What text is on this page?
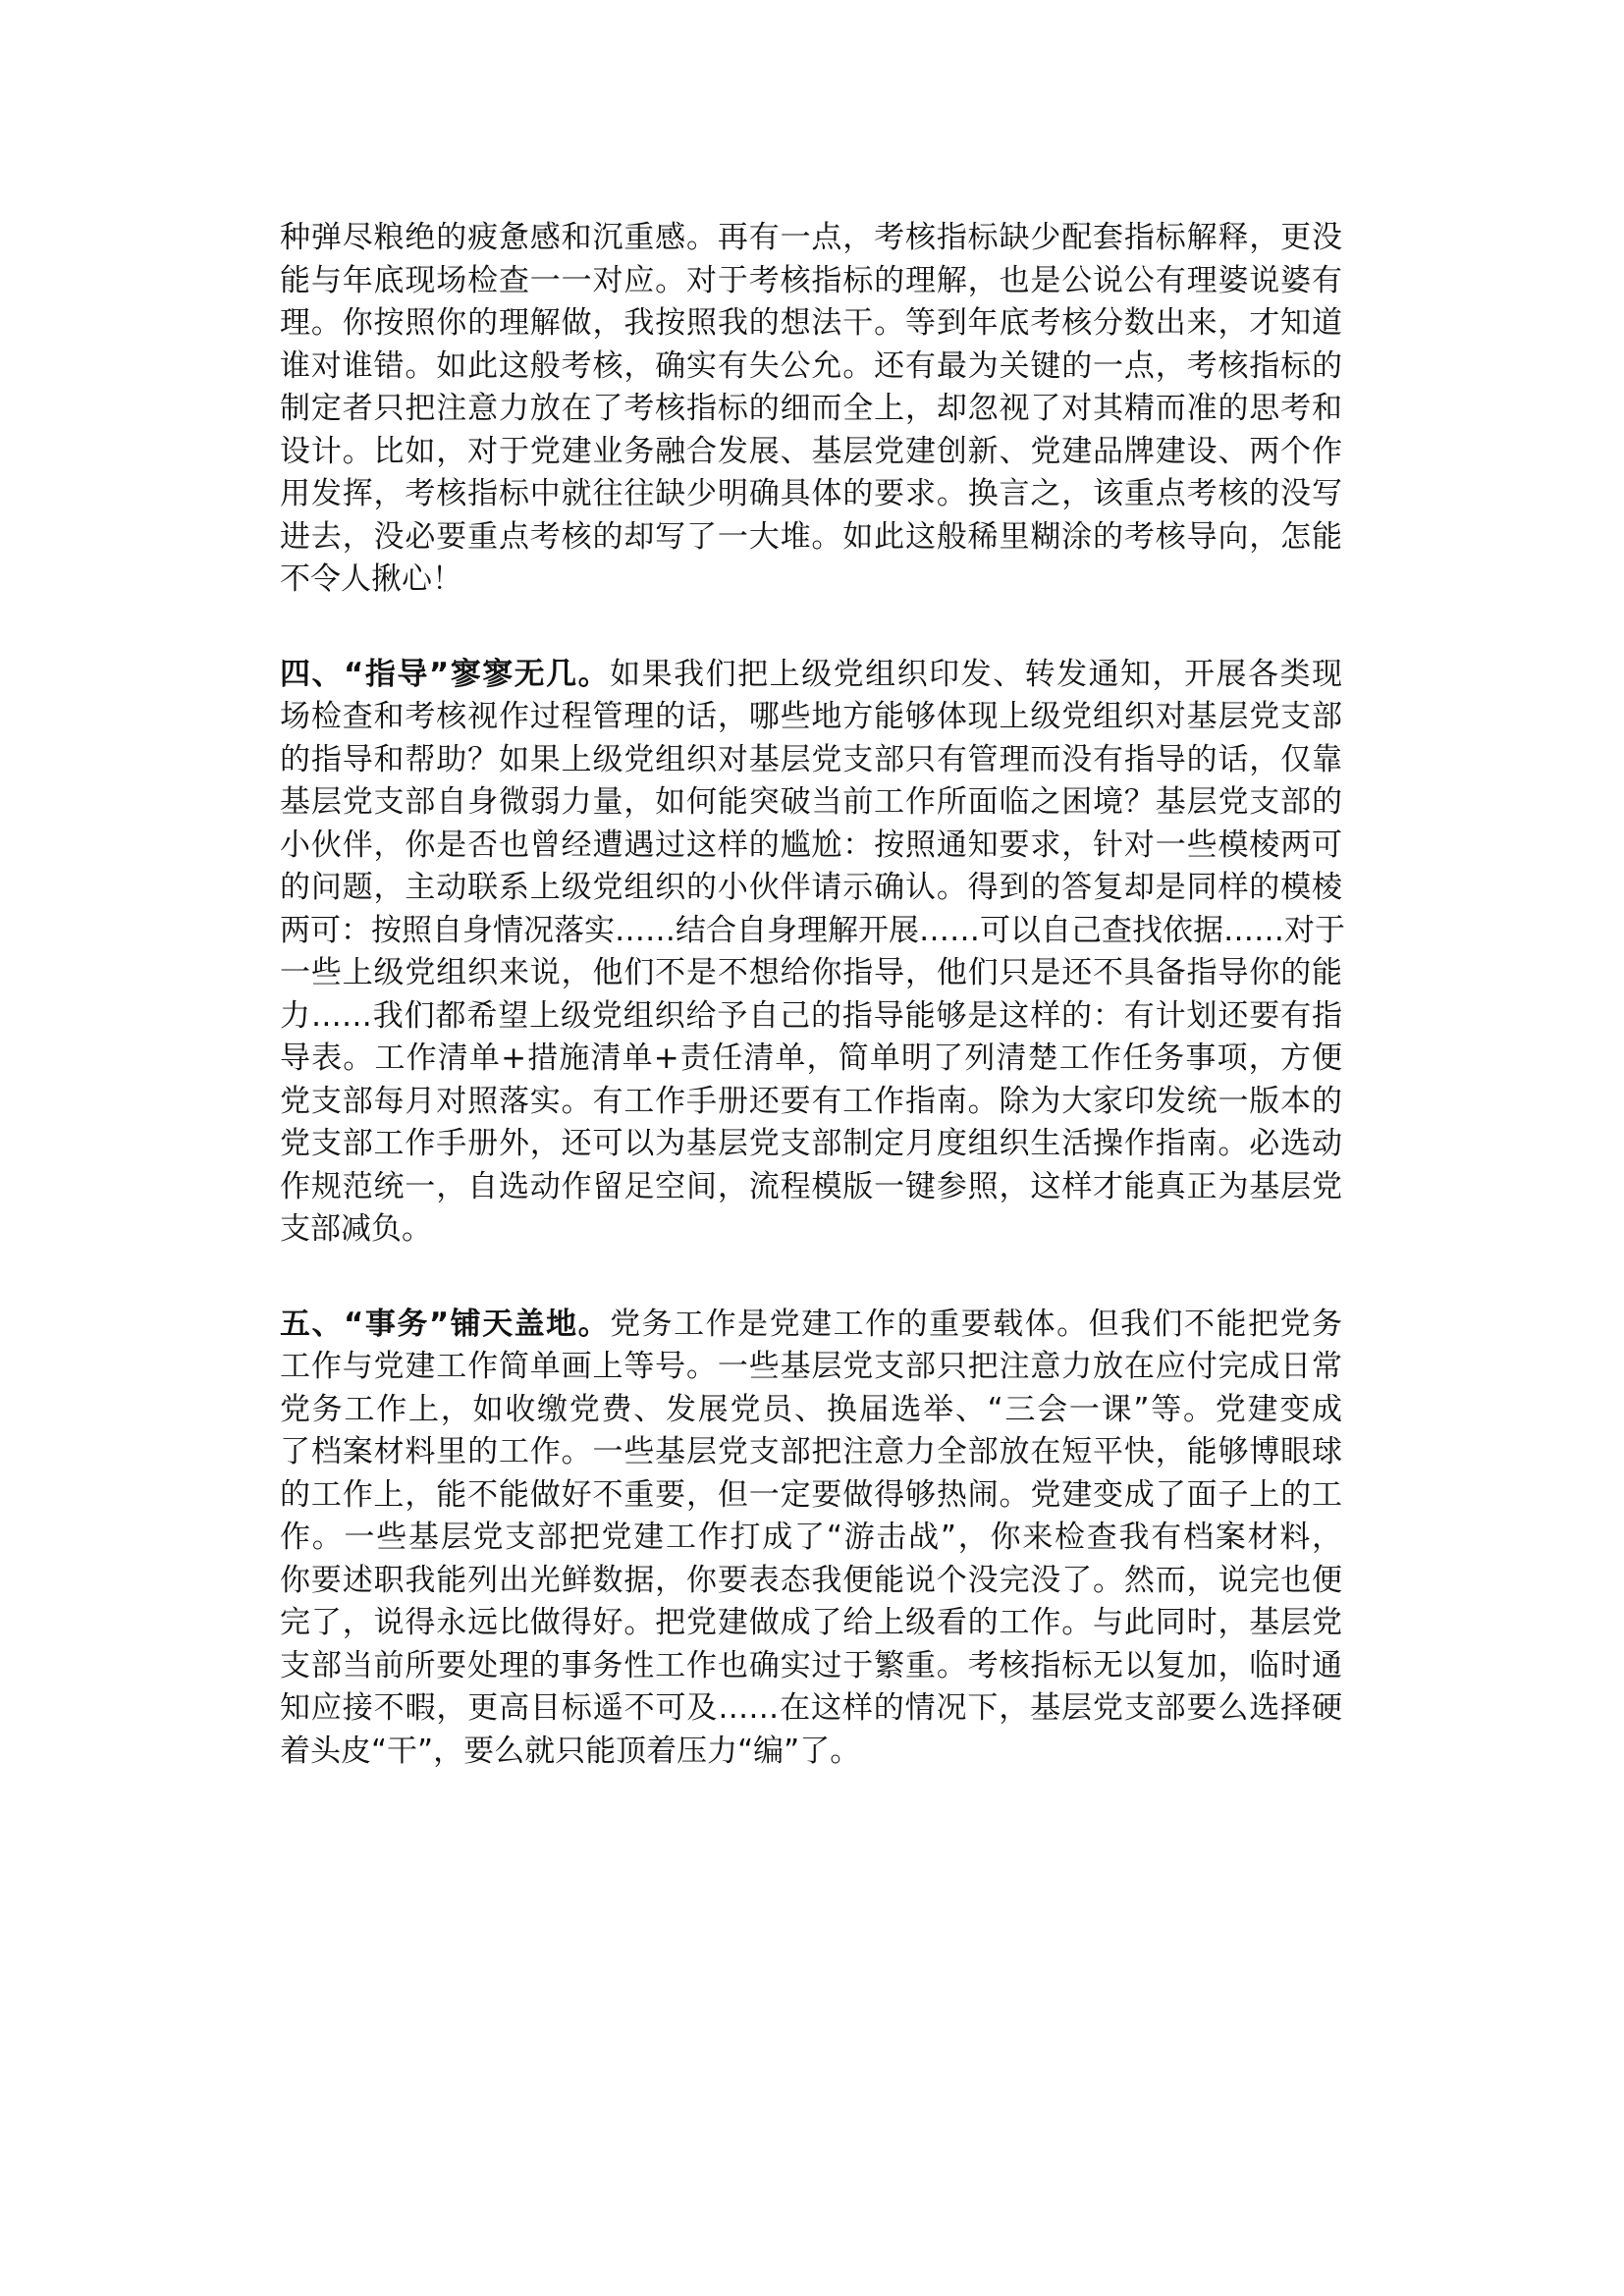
种弹尽粮绝的疲惫感和沉重感。再有一点，考核指标缺少配套指标解释，更没
能与年底现场检查一一对应。对于考核指标的理解，也是公说公有理婆说婆有
理。你按照你的理解做，我按照我的想法干。等到年底考核分数出来，才知道
谁对谁错。如此这般考核，确实有失公允。还有最为关键的一点，考核指标的
制定者只把注意力放在了考核指标的细而全上，却忽视了对其精而准的思考和
设计。比如，对于党建业务融合发展、基层党建创新、党建品牌建设、两个作
用发挥，考核指标中就往往缺少明确具体的要求。换言之，该重点考核的没写
进去，没必要重点考核的却写了一大堆。如此这般稀里糊涂的考核导向，怎能
不令人揪心！
四、“指导”寥寥无几。如果我们把上级党组织印发、转发通知，开展各类现
场检查和考核视作过程管理的话，哪些地方能够体现上级党组织对基层党支部
的指导和帮助？如果上级党组织对基层党支部只有管理而没有指导的话，仅靠
基层党支部自身微弱力量，如何能突破当前工作所面临之困境？基层党支部的
小伙伴，你是否也曾经遭遇过这样的尴尬：按照通知要求，针对一些模棱两可
的问题，主动联系上级党组织的小伙伴请示确认。得到的答复却是同样的模棱
两可：按照自身情况落实……结合自身理解开展……可以自己查找依据……对于
一些上级党组织来说，他们不是不想给你指导，他们只是还不具备指导你的能
力……我们都希望上级党组织给予自己的指导能够是这样的：有计划还要有指
导表。工作清单+措施清单+责任清单，简单明了列清楚工作任务事项，方便
党支部每月对照落实。有工作手册还要有工作指南。除为大家印发统一版本的
党支部工作手册外，还可以为基层党支部制定月度组织生活操作指南。必选动
作规范统一，自选动作留足空间，流程模版一键参照，这样才能真正为基层党
支部减负。
五、“事务”铺天盖地。党务工作是党建工作的重要载体。但我们不能把党务
工作与党建工作简单画上等号。一些基层党支部只把注意力放在应付完成日常
党务工作上，如收缴党费、发展党员、换届选举、“三会一课”等。党建变成
了档案材料里的工作。一些基层党支部把注意力全部放在短平快，能够博眼球
的工作上，能不能做好不重要，但一定要做得够热闹。党建变成了面子上的工
作。一些基层党支部把党建工作打成了“游击战”，你来检查我有档案材料，
你要述职我能列出光鲜数据，你要表态我便能说个没完没了。然而，说完也便
完了，说得永远比做得好。把党建做成了给上级看的工作。与此同时，基层党
支部当前所要处理的事务性工作也确实过于繁重。考核指标无以复加，临时通
知应接不暇，更高目标遥不可及……在这样的情况下，基层党支部要么选择硬
着头皮“干”，要么就只能顶着压力“编”了。
